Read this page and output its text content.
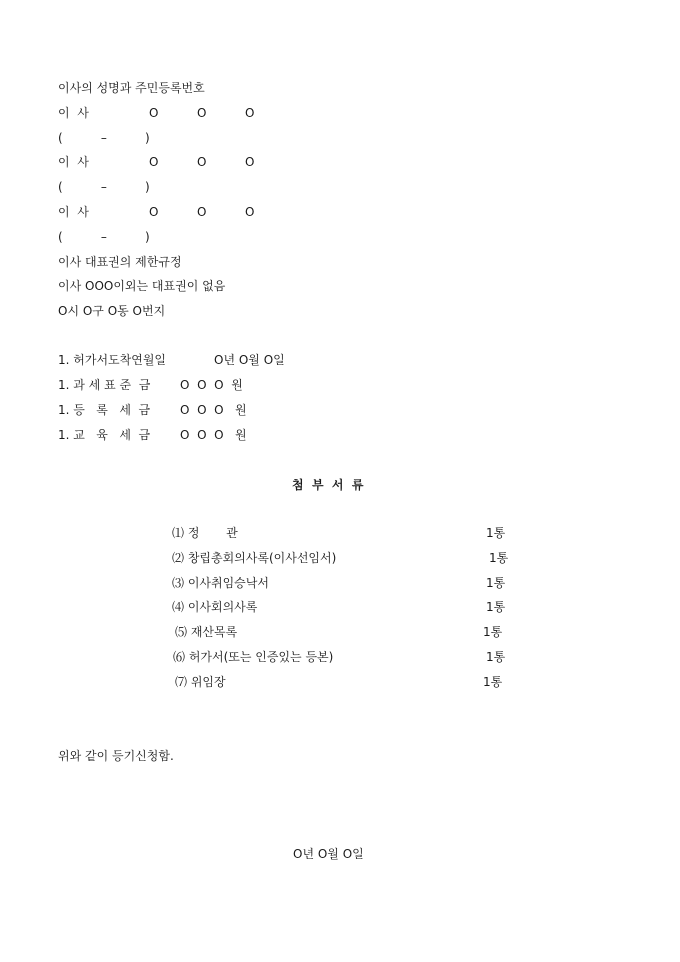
이사의 성명과 주민등록번호
이  사	O	O	O
(          –          )
이  사	O	O	O
(          –          )
이  사	O	O	O
(          –          )
이사 대표권의 제한규정
이사 OOO이외는 대표권이 없음
O시 O구 O동 O번지
1. 허가서도착연월일	O년 O월 O일
1. 과 세 표 준  금 O  O  O  원
1. 등   록   세  금 O  O  O   원
1. 교   육   세  금 O  O  O   원
첨  부  서  류
⑴ 정       관	1통
⑵ 창립총회의사록(이사선임서)	1통
⑶ 이사취임승낙서	1통
⑷ 이사회의사록	1통
⑸ 재산목록	1통
⑹ 허가서(또는 인증있는 등본)	1통
⑺ 위임장	1통
위와 같이 등기신청함.
O년 O월 O일
